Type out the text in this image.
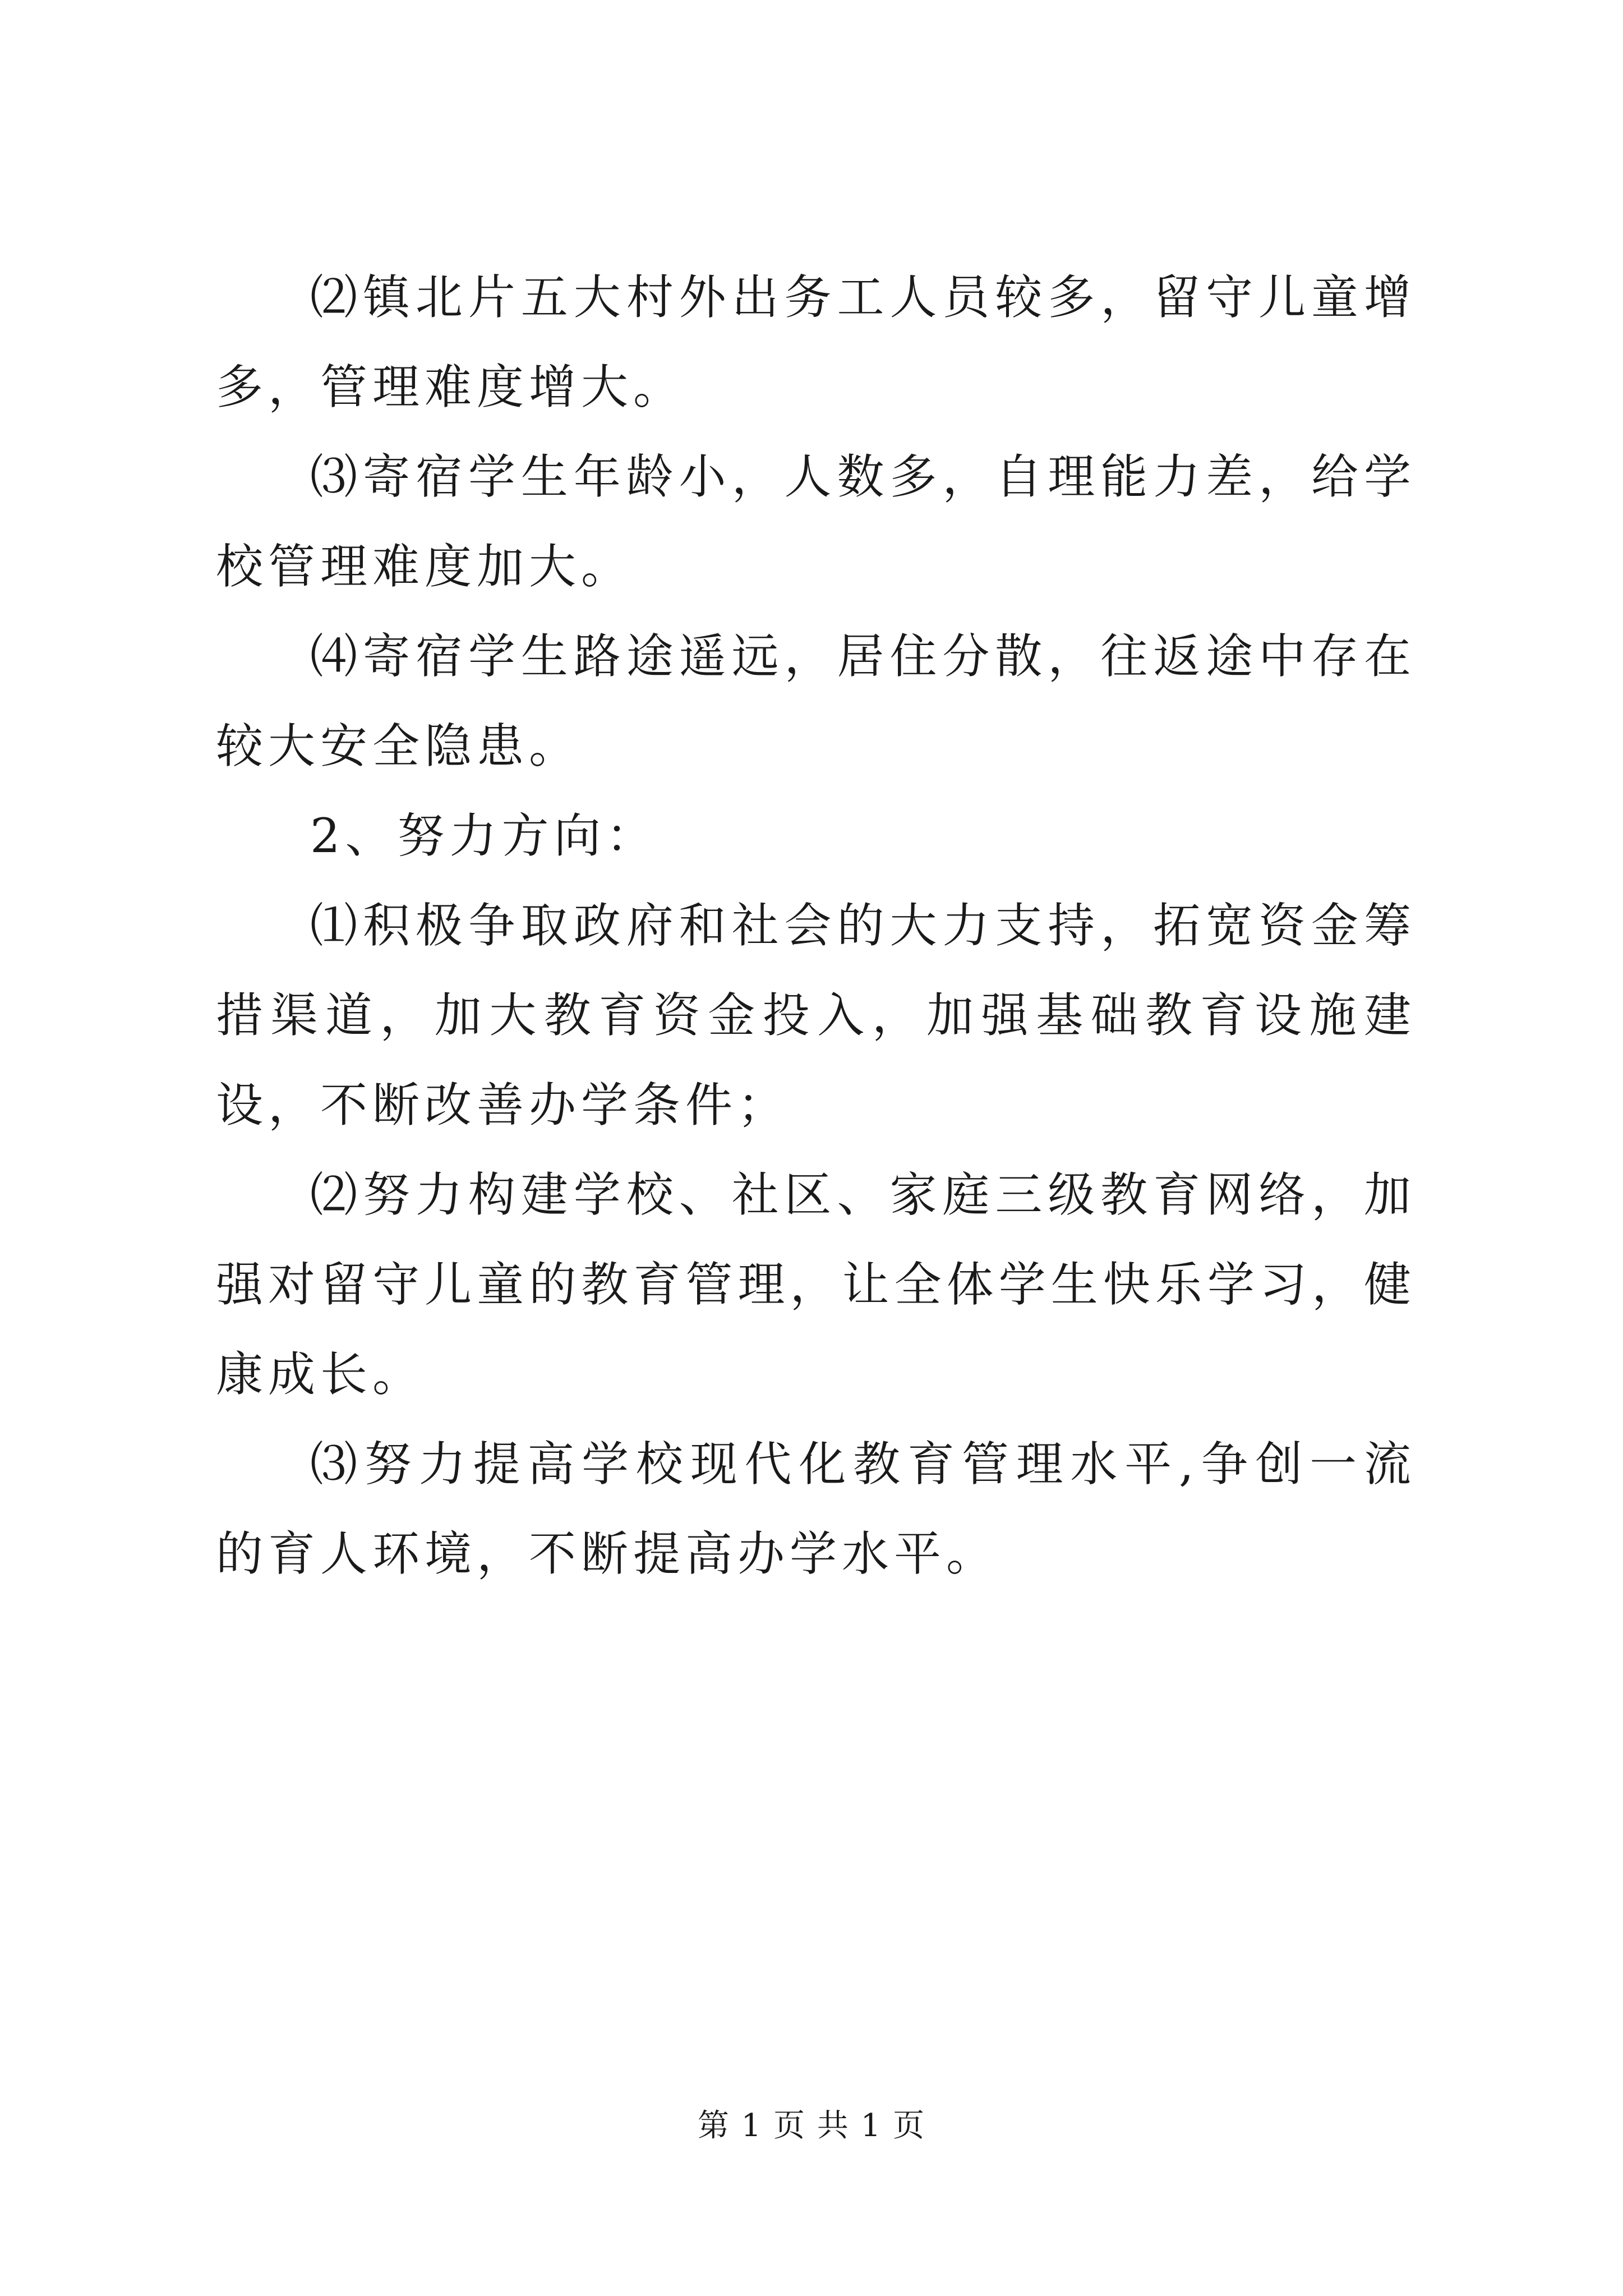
⑵镇北片五大村外出务工人员较多，留守儿童增多，管理难度增大。

⑶寄宿学生年龄小，人数多，自理能力差，给学校管理难度加大。

⑷寄宿学生路途遥远，居住分散，往返途中存在较大安全隐患。

2、努力方向：

⑴积极争取政府和社会的大力支持，拓宽资金筹措渠道，加大教育资金投入，加强基础教育设施建设，不断改善办学条件；

⑵努力构建学校、社区、家庭三级教育网络，加强对留守儿童的教育管理，让全体学生快乐学习，健康成长。

⑶努力提高学校现代化教育管理水平,争创一流的育人环境，不断提高办学水平。

第 1 页 共 1 页
